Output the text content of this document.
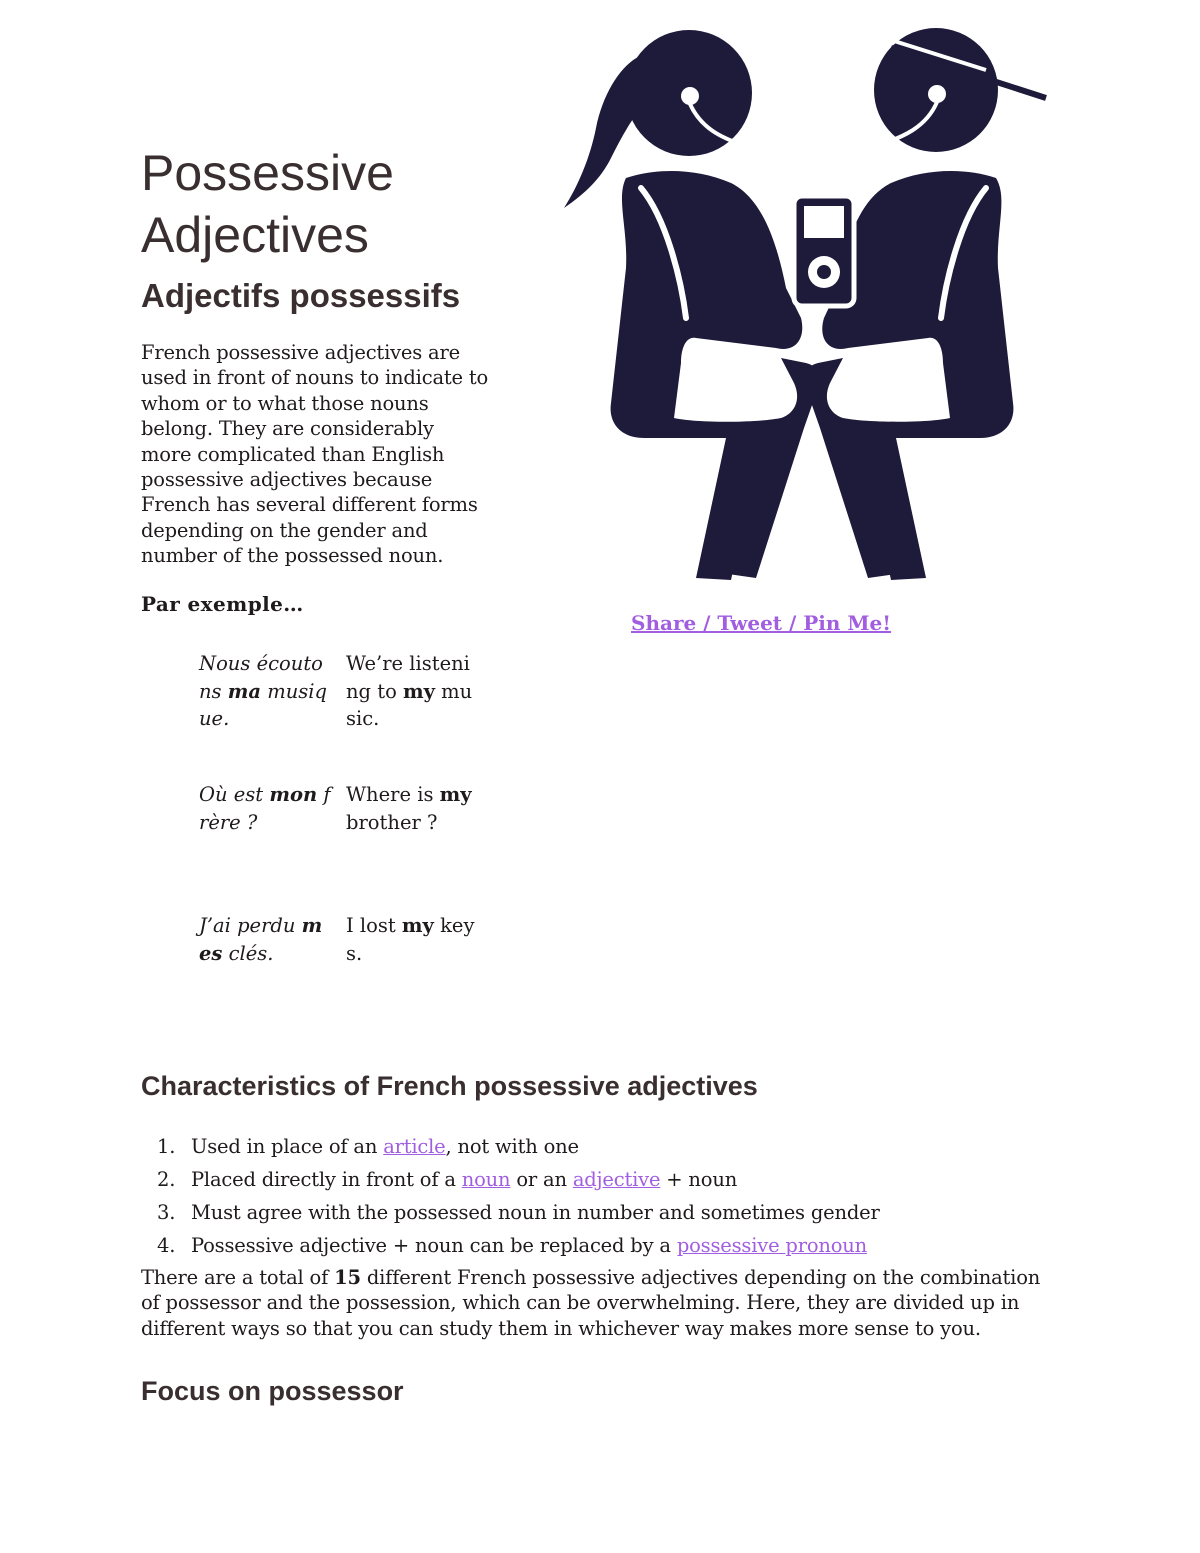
Possessive Adjectives
Adjectifs possessifs

French possessive adjectives are used in front of nouns to indicate to whom or to what those nouns belong. They are considerably more complicated than English possessive adjectives because French has several different forms depending on the gender and number of the possessed noun.

Par exemple…
Nous écoutons ma musique.
We’re listening to my music.
Où est mon frère ?
Where is my brother ?
J’ai perdu mes clés.
I lost my keys.
Share / Tweet / Pin Me!
Characteristics of French possessive adjectives
1. Used in place of an article, not with one
2. Placed directly in front of a noun or an adjective + noun
3. Must agree with the possessed noun in number and sometimes gender
4. Possessive adjective + noun can be replaced by a possessive pronoun

There are a total of 15 different French possessive adjectives depending on the combination of possessor and the possession, which can be overwhelming. Here, they are divided up in different ways so that you can study them in whichever way makes more sense to you.

Focus on possessor
